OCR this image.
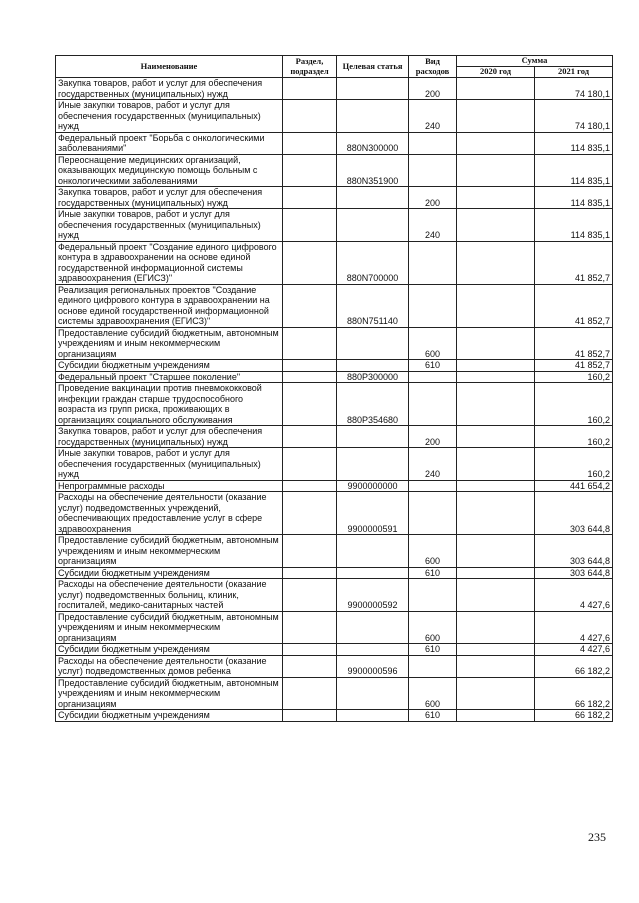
Наименование	Раздел, подраздел	Целевая статья	Вид расходов	Сумма	
				2020 год	2021 год
Закупка товаров, работ и услуг для обеспечения государственных (муниципальных) нужд			200		74 180,1
Иные закупки товаров, работ и услуг для обеспечения государственных (муниципальных) нужд			240		74 180,1
Федеральный проект "Борьба с онкологическими заболеваниями"		880N300000			114 835,1
Переоснащение медицинских организаций, оказывающих медицинскую помощь больным с онкологическими заболеваниями		880N351900			114 835,1
Закупка товаров, работ и услуг для обеспечения государственных (муниципальных) нужд			200		114 835,1
Иные закупки товаров, работ и услуг для обеспечения государственных (муниципальных) нужд			240		114 835,1
Федеральный проект "Создание единого цифрового контура в здравоохранении на основе единой государственной информационной системы здравоохранения (ЕГИСЗ)"		880N700000			41 852,7
Реализация региональных проектов "Создание единого цифрового контура в здравоохранении на основе единой государственной информационной системы здравоохранения (ЕГИСЗ)"		880N751140			41 852,7
Предоставление субсидий бюджетным, автономным учреждениям и иным некоммерческим организациям			600		41 852,7
Субсидии бюджетным учреждениям			610		41 852,7
Федеральный проект "Старшее поколение"		880P300000			160,2
Проведение вакцинации против пневмококковой инфекции граждан старше трудоспособного возраста из групп риска, проживающих в организациях социального обслуживания		880P354680			160,2
Закупка товаров, работ и услуг для обеспечения государственных (муниципальных) нужд			200		160,2
Иные закупки товаров, работ и услуг для обеспечения государственных (муниципальных) нужд			240		160,2
Непрограммные расходы		9900000000			441 654,2
Расходы на обеспечение деятельности (оказание услуг) подведомственных учреждений, обеспечивающих предоставление услуг в сфере здравоохранения		9900000591			303 644,8
Предоставление субсидий бюджетным, автономным учреждениям и иным некоммерческим организациям			600		303 644,8
Субсидии бюджетным учреждениям			610		303 644,8
Расходы на обеспечение деятельности (оказание услуг) подведомственных больниц, клиник, госпиталей, медико-санитарных частей		9900000592			4 427,6
Предоставление субсидий бюджетным, автономным учреждениям и иным некоммерческим организациям			600		4 427,6
Субсидии бюджетным учреждениям			610		4 427,6
Расходы на обеспечение деятельности (оказание услуг) подведомственных домов ребенка		9900000596			66 182,2
Предоставление субсидий бюджетным, автономным учреждениям и иным некоммерческим организациям			600		66 182,2
Субсидии бюджетным учреждениям			610		66 182,2
235
